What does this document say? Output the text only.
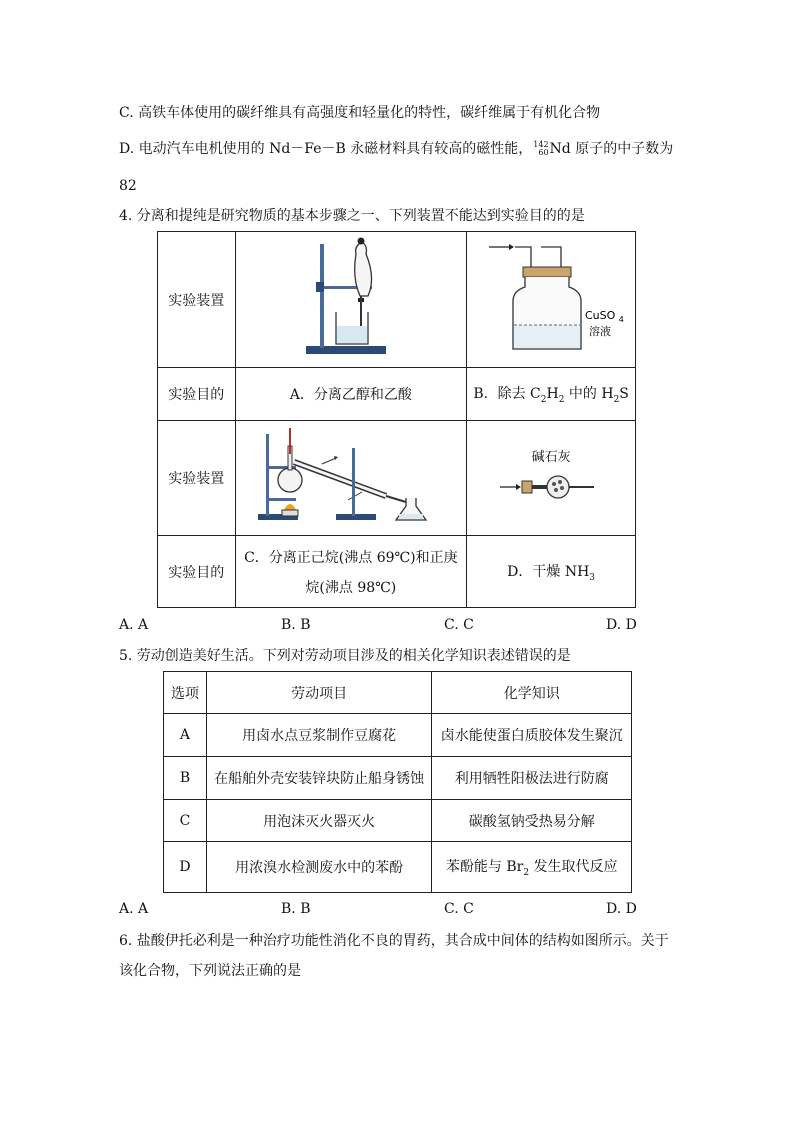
C. 高铁车体使用的碳纤维具有高强度和轻量化的特性，碳纤维属于有机化合物
D. 电动汽车电机使用的 Nd－Fe－B 永磁材料具有较高的磁性能， 142
60 Nd 原子的中子数为
82
4. 分离和提纯是研究物质的基本步骤之一、下列装置不能达到实验目的的是
实验装置		CuSO $_4$
溶液

实验目的	A．分离乙醇和乙酸	B．除去 $C_2H_2$ 中的 $H_2S$
实验装置		碱石灰

实验目的	C．分离正己烷(沸点 69℃)和正庚
烷(沸点 98℃)	D．干燥 $NH_3$
A. A	B. B	C. C	D. D
5. 劳动创造美好生活。下列对劳动项目涉及的相关化学知识表述错误的是
选项	劳动项目	化学知识
A	用卤水点豆浆制作豆腐花	卤水能使蛋白质胶体发生聚沉
B	在船舶外壳安装锌块防止船身锈蚀	利用牺牲阳极法进行防腐
C	用泡沫灭火器灭火	碳酸氢钠受热易分解
D	用浓溴水检测废水中的苯酚	苯酚能与 $Br_2$ 发生取代反应
A. A	B. B	C. C	D. D
6. 盐酸伊托必利是一种治疗功能性消化不良的胃药，其合成中间体的结构如图所示。关于
该化合物，下列说法正确的是
